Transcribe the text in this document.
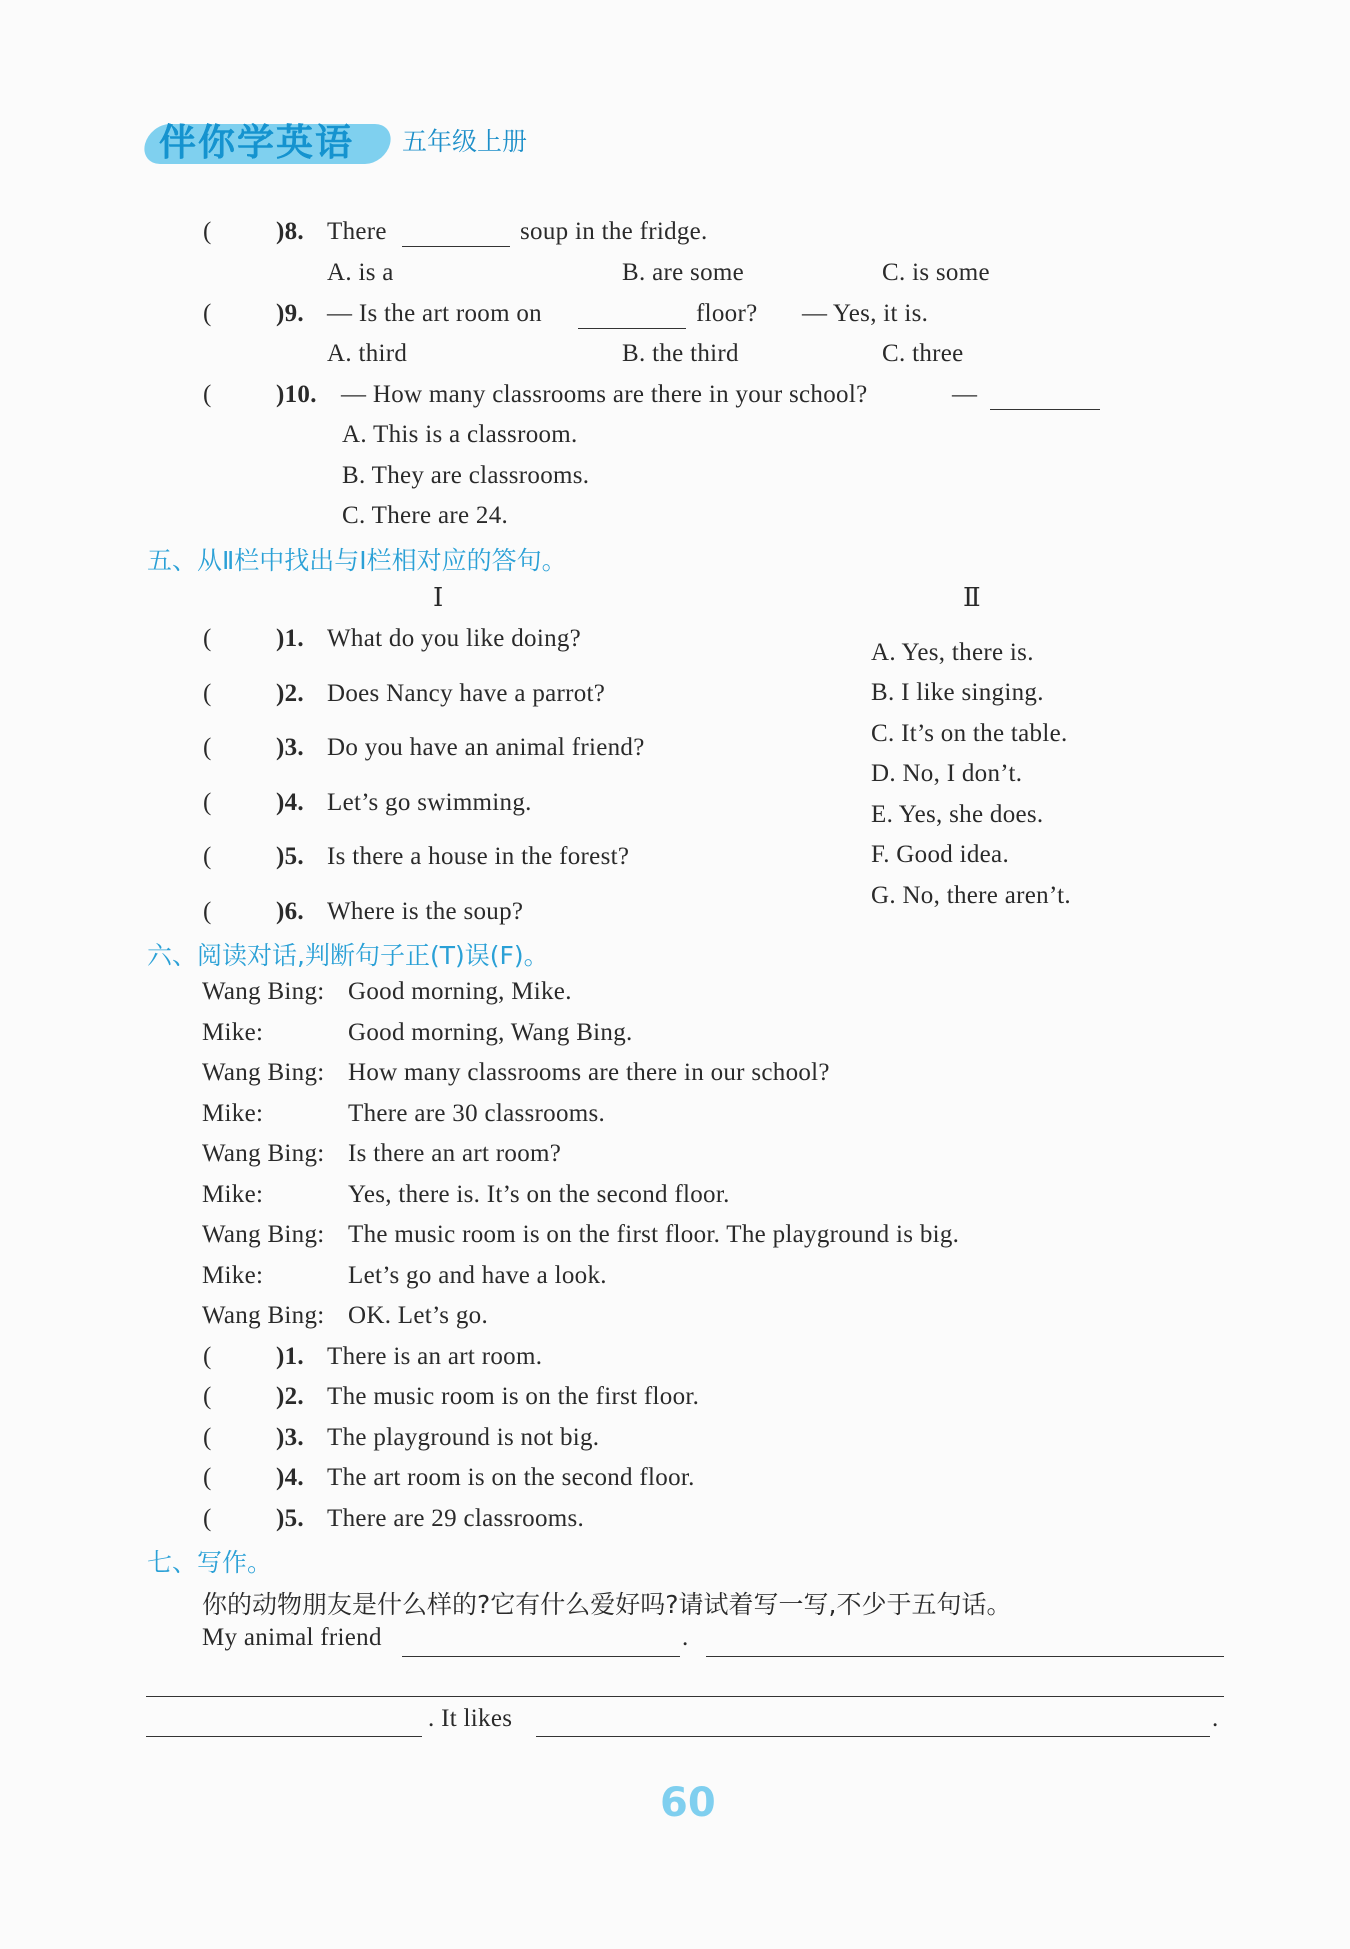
伴你学英语 五年级上册
(	)8. There	soup in the fridge.
A. is a	B. are some	C. is some
(	)9. — Is the art room on	floor? — Yes, it is.
A. third	B. the third	C. three
(	)10. — How many classrooms are there in your school?	—
A. This is a classroom.
B. They are classrooms.
C. There are 24.
五、从Ⅱ栏中找出与Ⅰ栏相对应的答句。
Ⅰ	Ⅱ
(	)1. What do you like doing?
(	)2. Does Nancy have a parrot?
(	)3. Do you have an animal friend?
(	)4. Let’s go swimming.
(	)5. Is there a house in the forest?
(	)6. Where is the soup?
A. Yes, there is.
B. I like singing.
C. It’s on the table.
D. No, I don’t.
E. Yes, she does.
F. Good idea.
G. No, there aren’t.
六、阅读对话,判断句子正(T)误(F)。
Wang Bing: Good morning, Mike.
Mike:	Good morning, Wang Bing.
Wang Bing: How many classrooms are there in our school?
Mike:	There are 30 classrooms.
Wang Bing: Is there an art room?
Mike:	Yes, there is. It’s on the second floor.
Wang Bing: The music room is on the first floor. The playground is big.
Mike:	Let’s go and have a look.
Wang Bing: OK. Let’s go.
(	)1. There is an art room.
(	)2. The music room is on the first floor.
(	)3. The playground is not big.
(	)4. The art room is on the second floor.
(	)5. There are 29 classrooms.
七、写作。
你的动物朋友是什么样的?它有什么爱好吗?请试着写一写,不少于五句话。
My animal friend	.
. It likes	.
60
